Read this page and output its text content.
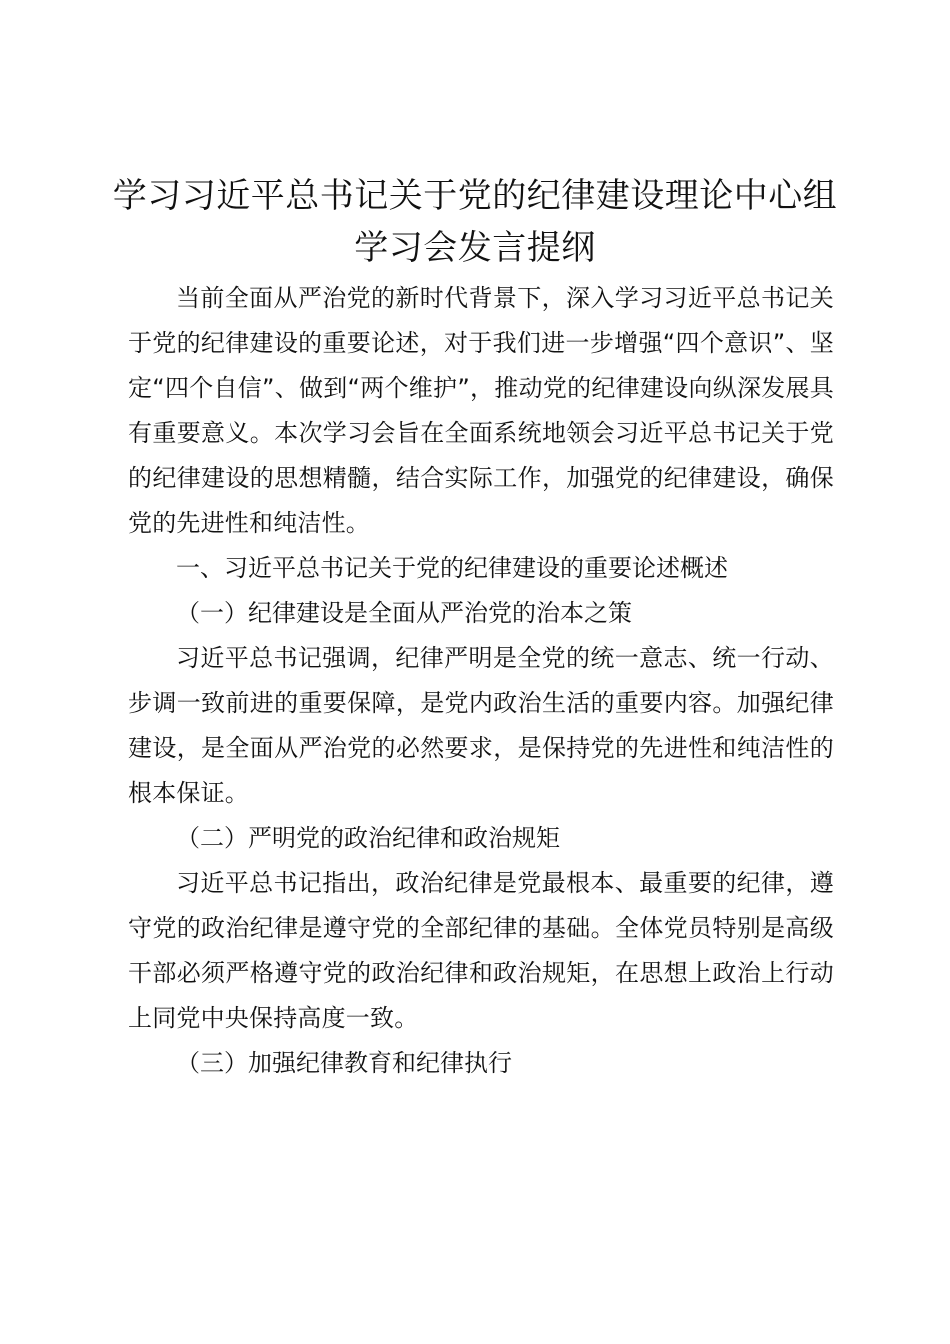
学习习近平总书记关于党的纪律建设理论中心组学习会发言提纲

当前全面从严治党的新时代背景下，深入学习习近平总书记关于党的纪律建设的重要论述，对于我们进一步增强“四个意识”、坚定“四个自信”、做到“两个维护”，推动党的纪律建设向纵深发展具有重要意义。本次学习会旨在全面系统地领会习近平总书记关于党的纪律建设的思想精髓，结合实际工作，加强党的纪律建设，确保党的先进性和纯洁性。

一、习近平总书记关于党的纪律建设的重要论述概述

（一）纪律建设是全面从严治党的治本之策

习近平总书记强调，纪律严明是全党的统一意志、统一行动、步调一致前进的重要保障，是党内政治生活的重要内容。加强纪律建设，是全面从严治党的必然要求，是保持党的先进性和纯洁性的根本保证。

（二）严明党的政治纪律和政治规矩

习近平总书记指出，政治纪律是党最根本、最重要的纪律，遵守党的政治纪律是遵守党的全部纪律的基础。全体党员特别是高级干部必须严格遵守党的政治纪律和政治规矩，在思想上政治上行动上同党中央保持高度一致。

（三）加强纪律教育和纪律执行
